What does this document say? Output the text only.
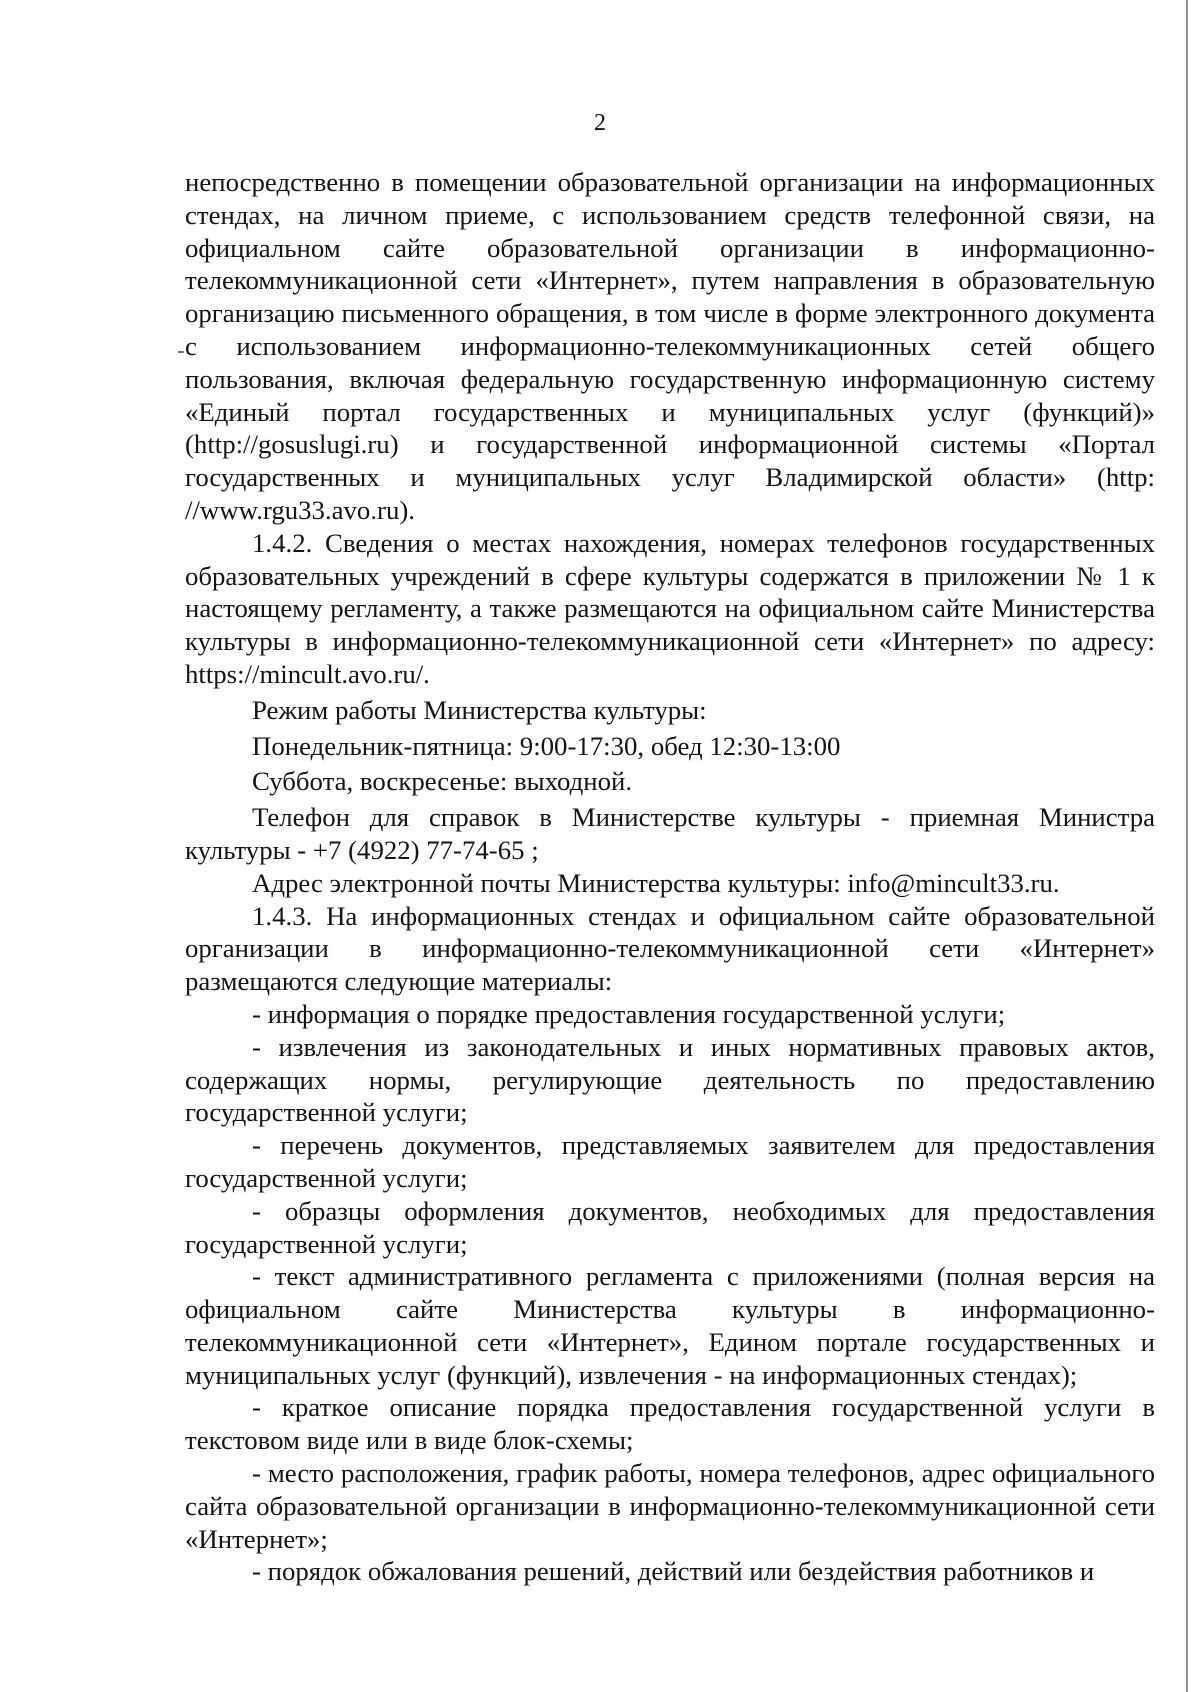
2

непосредственно в помещении образовательной организации на информационных стендах, на личном приеме, с использованием средств телефонной связи, на официальном сайте образовательной организации в информационно-телекоммуникационной сети «Интернет», путем направления в образовательную организацию письменного обращения, в том числе в форме электронного документа с использованием информационно-телекоммуникационных сетей общего пользования, включая федеральную государственную информационную систему «Единый портал государственных и муниципальных услуг (функций)» (http://gosuslugi.ru) и государственной информационной системы «Портал государственных и муниципальных услуг Владимирской области» (http: //www.rgu33.avo.ru).

1.4.2. Сведения о местах нахождения, номерах телефонов государственных образовательных учреждений в сфере культуры содержатся в приложении № 1 к настоящему регламенту, а также размещаются на официальном сайте Министерства культуры в информационно-телекоммуникационной сети «Интернет» по адресу: https://mincult.avo.ru/.

Режим работы Министерства культуры:

Понедельник-пятница: 9:00-17:30, обед 12:30-13:00

Суббота, воскресенье: выходной.

Телефон для справок в Министерстве культуры - приемная Министра культуры - +7 (4922) 77-74-65 ;

Адрес электронной почты Министерства культуры: info@mincult33.ru.

1.4.3. На информационных стендах и официальном сайте образовательной организации в информационно-телекоммуникационной сети «Интернет» размещаются следующие материалы:

- информация о порядке предоставления государственной услуги;

- извлечения из законодательных и иных нормативных правовых актов, содержащих нормы, регулирующие деятельность по предоставлению государственной услуги;

- перечень документов, представляемых заявителем для предоставления государственной услуги;

- образцы оформления документов, необходимых для предоставления государственной услуги;

- текст административного регламента с приложениями (полная версия на официальном сайте Министерства культуры в информационно-телекоммуникационной сети «Интернет», Едином портале государственных и муниципальных услуг (функций), извлечения - на информационных стендах);

- краткое описание порядка предоставления государственной услуги в текстовом виде или в виде блок-схемы;

- место расположения, график работы, номера телефонов, адрес официального сайта образовательной организации в информационно-телекоммуникационной сети «Интернет»;

- порядок обжалования решений, действий или бездействия работников и
